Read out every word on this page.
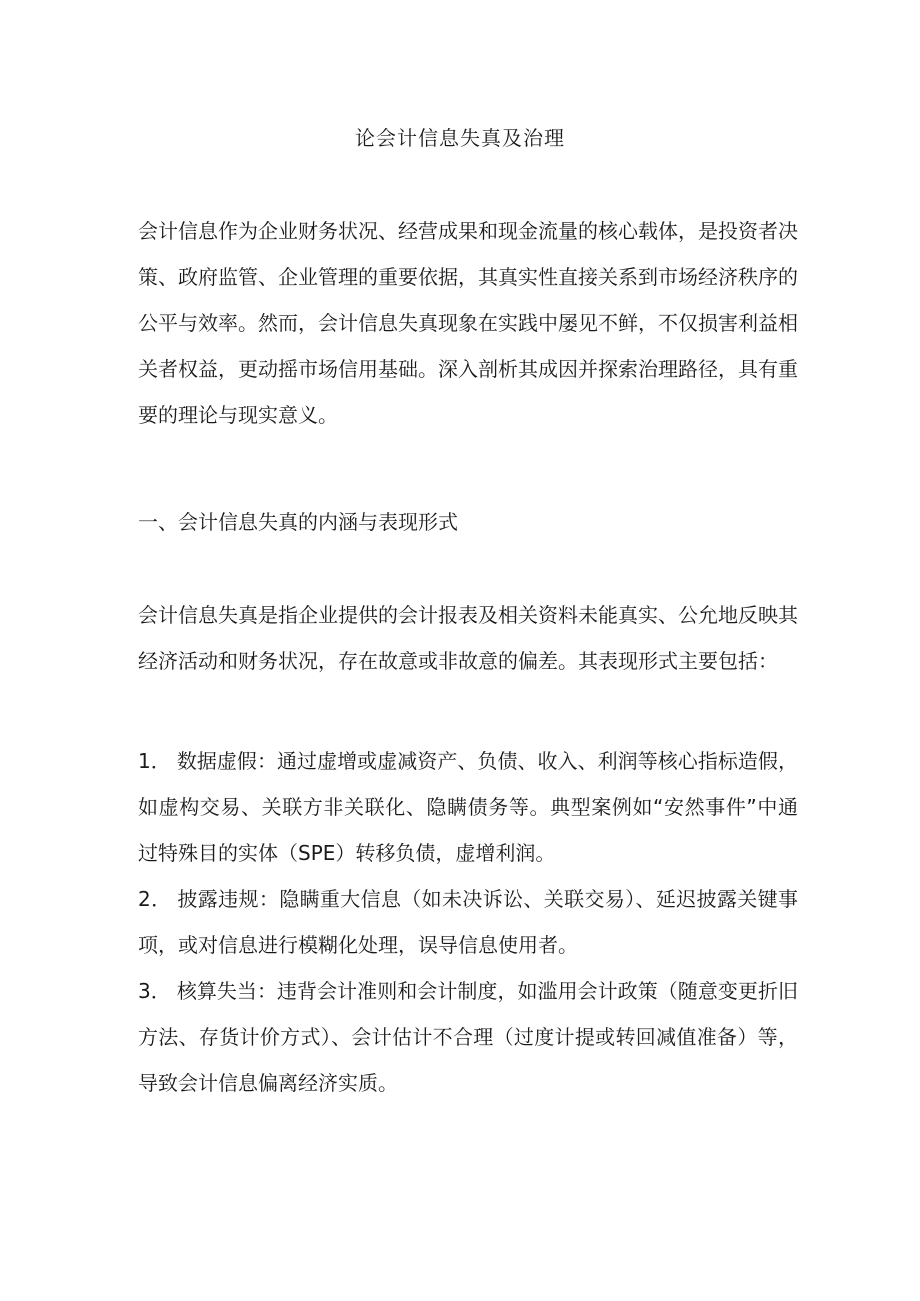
论会计信息失真及治理

会计信息作为企业财务状况、经营成果和现金流量的核心载体，是投资者决策、政府监管、企业管理的重要依据，其真实性直接关系到市场经济秩序的公平与效率。然而，会计信息失真现象在实践中屡见不鲜，不仅损害利益相关者权益，更动摇市场信用基础。深入剖析其成因并探索治理路径，具有重要的理论与现实意义。

一、会计信息失真的内涵与表现形式

会计信息失真是指企业提供的会计报表及相关资料未能真实、公允地反映其经济活动和财务状况，存在故意或非故意的偏差。其表现形式主要包括：

1． 数据虚假：通过虚增或虚减资产、负债、收入、利润等核心指标造假，如虚构交易、关联方非关联化、隐瞒债务等。典型案例如“安然事件”中通过特殊目的实体（SPE）转移负债，虚增利润。

2． 披露违规：隐瞒重大信息（如未决诉讼、关联交易）、延迟披露关键事项，或对信息进行模糊化处理，误导信息使用者。

3． 核算失当：违背会计准则和会计制度，如滥用会计政策（随意变更折旧方法、存货计价方式）、会计估计不合理（过度计提或转回减值准备）等，导致会计信息偏离经济实质。
